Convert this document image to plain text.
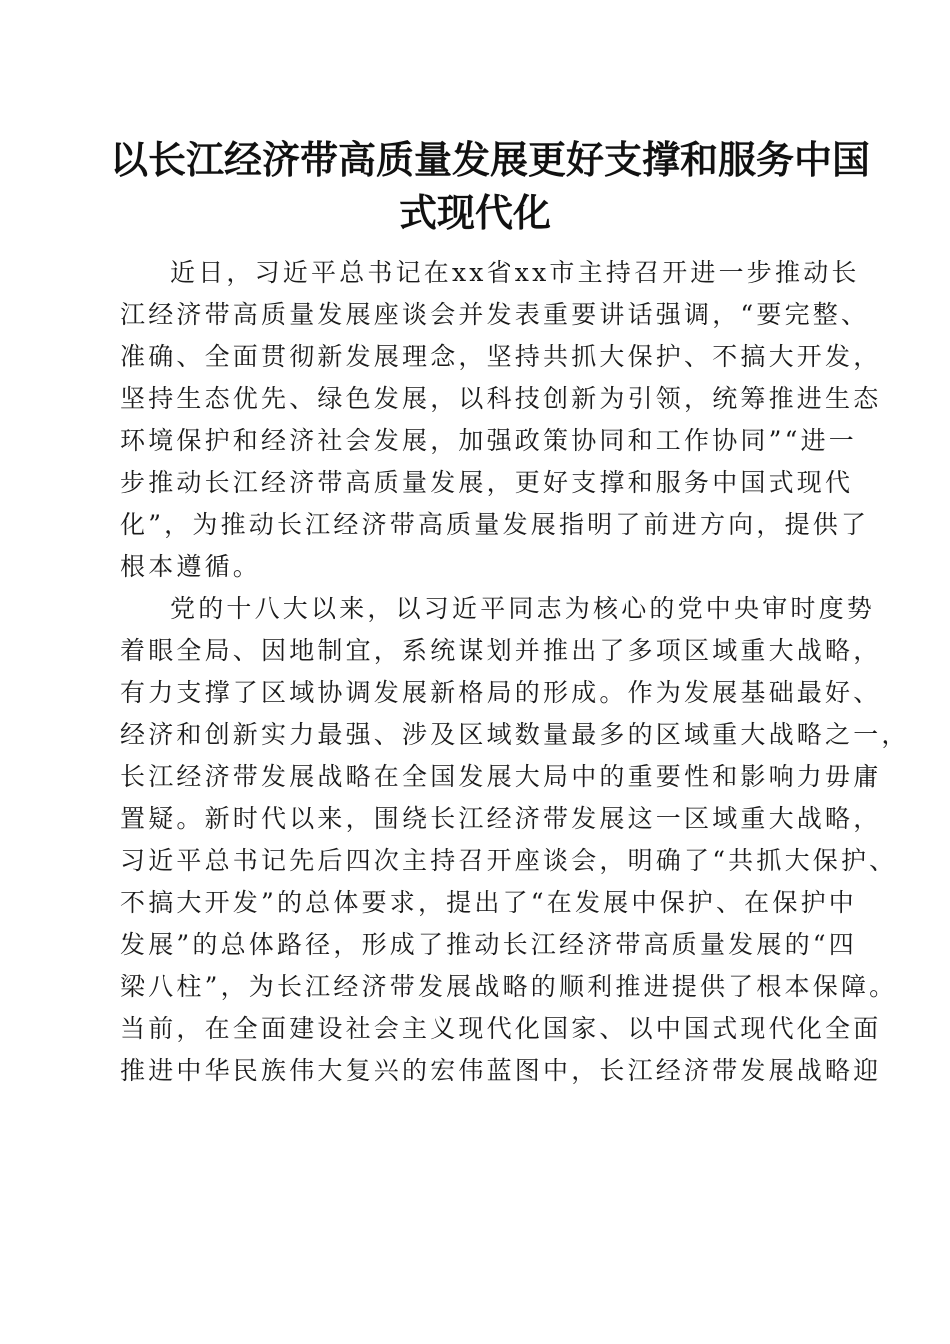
以长江经济带高质量发展更好支撑和服务中国
式现代化
近日，习近平总书记在xx省xx市主持召开进一步推动长
江经济带高质量发展座谈会并发表重要讲话强调，“要完整、
准确、全面贯彻新发展理念，坚持共抓大保护、不搞大开发，
坚持生态优先、绿色发展，以科技创新为引领，统筹推进生态
环境保护和经济社会发展，加强政策协同和工作协同”“进一
步推动长江经济带高质量发展，更好支撑和服务中国式现代
化”，为推动长江经济带高质量发展指明了前进方向，提供了
根本遵循。
党的十八大以来，以习近平同志为核心的党中央审时度势
着眼全局、因地制宜，系统谋划并推出了多项区域重大战略，
有力支撑了区域协调发展新格局的形成。作为发展基础最好、
经济和创新实力最强、涉及区域数量最多的区域重大战略之一，
长江经济带发展战略在全国发展大局中的重要性和影响力毋庸
置疑。新时代以来，围绕长江经济带发展这一区域重大战略，
习近平总书记先后四次主持召开座谈会，明确了“共抓大保护、
不搞大开发”的总体要求，提出了“在发展中保护、在保护中
发展”的总体路径，形成了推动长江经济带高质量发展的“四
梁八柱”，为长江经济带发展战略的顺利推进提供了根本保障。
当前，在全面建设社会主义现代化国家、以中国式现代化全面
推进中华民族伟大复兴的宏伟蓝图中，长江经济带发展战略迎
